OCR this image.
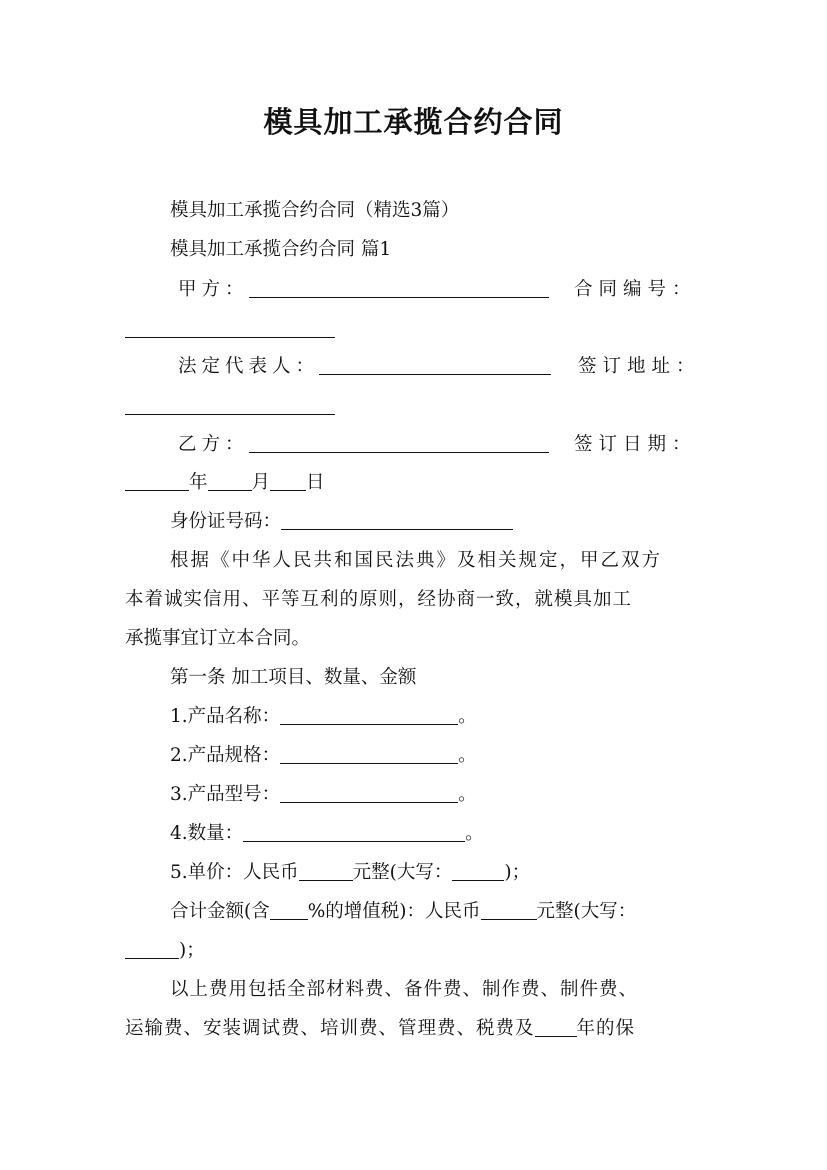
模具加工承揽合约合同
模具加工承揽合约合同（精选3篇）
模具加工承揽合约合同 篇1
甲方：	合同编号：
法定代表人：	签订地址：
乙方：	签订日期：
年 月 日
身份证号码：
根据《中华人民共和国民法典》及相关规定，甲乙双方
本着诚实信用、平等互利的原则，经协商一致，就模具加工
承揽事宜订立本合同。
第一条 加工项目、数量、金额
1.产品名称：	。
2.产品规格：	。
3.产品型号：	。
4.数量：	。
5.单价：人民币	元整(大写：	)；
合计金额(含 %的增值税)：人民币	元整(大写：
)；
以上费用包括全部材料费、备件费、制作费、制件费、
运输费、安装调试费、培训费、管理费、税费及 年的保
